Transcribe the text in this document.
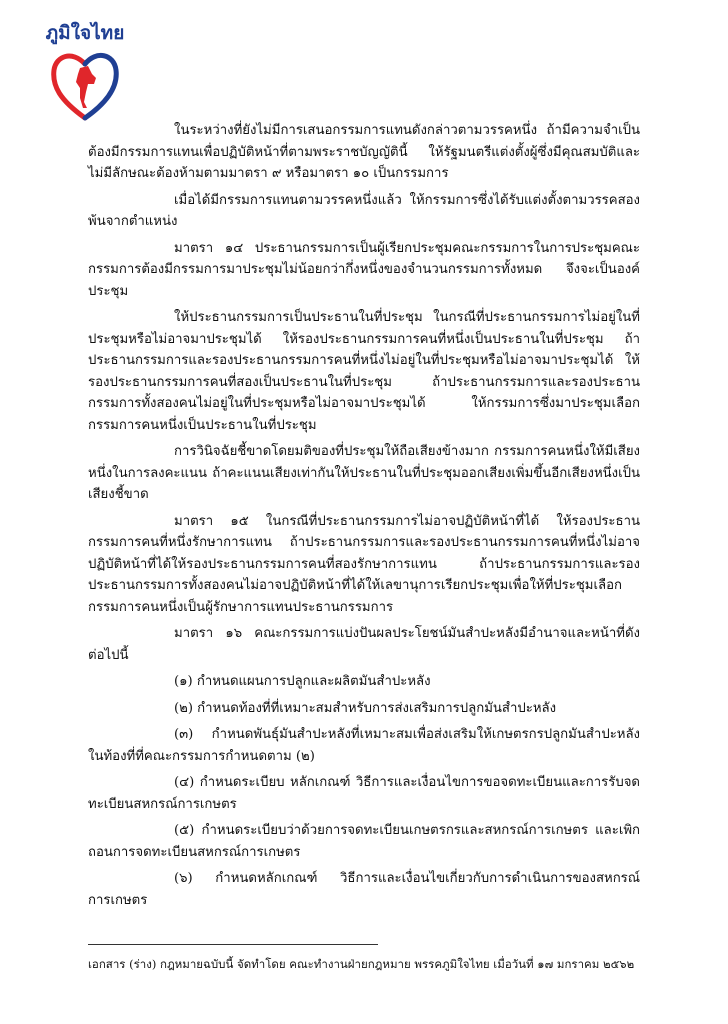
ภูมิใจไทย

ในระหว่างที่ยังไม่มีการเสนอกรรมการแทนดังกล่าวตามวรรคหนึ่ง ถ้ามีความจำเป็นต้องมีกรรมการแทนเพื่อปฏิบัติหน้าที่ตามพระราชบัญญัตินี้ ให้รัฐมนตรีแต่งตั้งผู้ซึ่งมีคุณสมบัติและไม่มีลักษณะต้องห้ามตามมาตรา ๙ หรือมาตรา ๑๐ เป็นกรรมการ

เมื่อได้มีกรรมการแทนตามวรรคหนึ่งแล้ว ให้กรรมการซึ่งได้รับแต่งตั้งตามวรรคสองพ้นจากตำแหน่ง

มาตรา ๑๔ ประธานกรรมการเป็นผู้เรียกประชุมคณะกรรมการในการประชุมคณะกรรมการต้องมีกรรมการมาประชุมไม่น้อยกว่ากึ่งหนึ่งของจำนวนกรรมการทั้งหมด จึงจะเป็นองค์ประชุม

ให้ประธานกรรมการเป็นประธานในที่ประชุม ในกรณีที่ประธานกรรมการไม่อยู่ในที่ประชุมหรือไม่อาจมาประชุมได้ ให้รองประธานกรรมการคนที่หนึ่งเป็นประธานในที่ประชุม ถ้าประธานกรรมการและรองประธานกรรมการคนที่หนึ่งไม่อยู่ในที่ประชุมหรือไม่อาจมาประชุมได้ ให้รองประธานกรรมการคนที่สองเป็นประธานในที่ประชุม ถ้าประธานกรรมการและรองประธานกรรมการทั้งสองคนไม่อยู่ในที่ประชุมหรือไม่อาจมาประชุมได้ ให้กรรมการซึ่งมาประชุมเลือกกรรมการคนหนึ่งเป็นประธานในที่ประชุม

การวินิจฉัยชี้ขาดโดยมติของที่ประชุมให้ถือเสียงข้างมาก กรรมการคนหนึ่งให้มีเสียงหนึ่งในการลงคะแนน ถ้าคะแนนเสียงเท่ากันให้ประธานในที่ประชุมออกเสียงเพิ่มขึ้นอีกเสียงหนึ่งเป็นเสียงชี้ขาด

มาตรา ๑๕ ในกรณีที่ประธานกรรมการไม่อาจปฏิบัติหน้าที่ได้ ให้รองประธานกรรมการคนที่หนึ่งรักษาการแทน ถ้าประธานกรรมการและรองประธานกรรมการคนที่หนึ่งไม่อาจปฏิบัติหน้าที่ได้ให้รองประธานกรรมการคนที่สองรักษาการแทน ถ้าประธานกรรมการและรองประธานกรรมการทั้งสองคนไม่อาจปฏิบัติหน้าที่ได้ให้เลขานุการเรียกประชุมเพื่อให้ที่ประชุมเลือกกรรมการคนหนึ่งเป็นผู้รักษาการแทนประธานกรรมการ

มาตรา ๑๖ คณะกรรมการแบ่งปันผลประโยชน์มันสำปะหลังมีอำนาจและหน้าที่ดังต่อไปนี้

(๑) กำหนดแผนการปลูกและผลิตมันสำปะหลัง

(๒) กำหนดท้องที่ที่เหมาะสมสำหรับการส่งเสริมการปลูกมันสำปะหลัง

(๓) กำหนดพันธุ์มันสำปะหลังที่เหมาะสมเพื่อส่งเสริมให้เกษตรกรปลูกมันสำปะหลังในท้องที่ที่คณะกรรมการกำหนดตาม (๒)

(๔) กำหนดระเบียบ หลักเกณฑ์ วิธีการและเงื่อนไขการขอจดทะเบียนและการรับจดทะเบียนสหกรณ์การเกษตร

(๕) กำหนดระเบียบว่าด้วยการจดทะเบียนเกษตรกรและสหกรณ์การเกษตร และเพิกถอนการจดทะเบียนสหกรณ์การเกษตร

(๖) กำหนดหลักเกณฑ์ วิธีการและเงื่อนไขเกี่ยวกับการดำเนินการของสหกรณ์การเกษตร

เอกสาร (ร่าง) กฎหมายฉบับนี้ จัดทำโดย คณะทำงานฝ่ายกฎหมาย พรรคภูมิใจไทย เมื่อวันที่ ๑๗ มกราคม ๒๕๖๒
